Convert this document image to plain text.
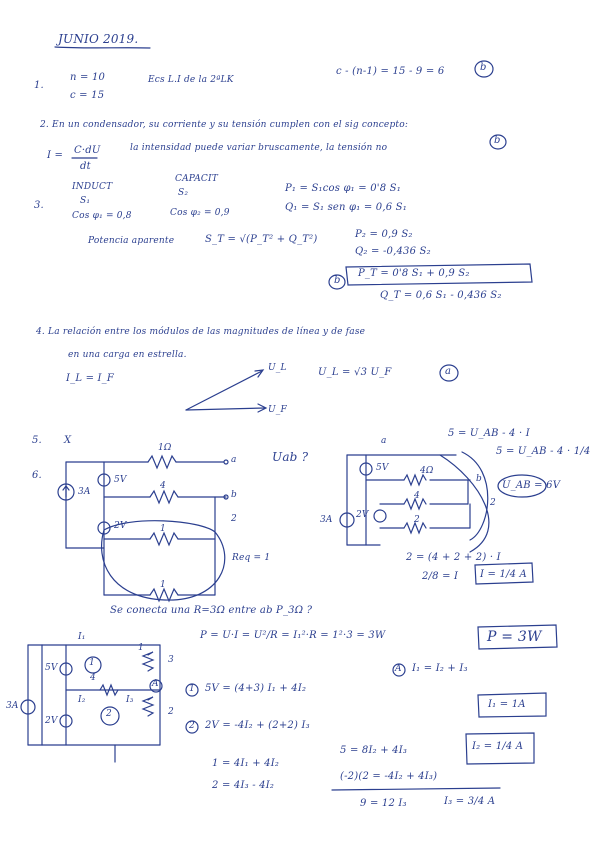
JUNIO 2019.
1.
n = 10
c = 15
Ecs L.I de la 2ªLK
c - (n-1) = 15 - 9 = 6	b
2. En un condensador, su corriente y su tensión cumplen con el sig concepto:
I = C·dU
dt
la intensidad puede variar bruscamente, la tensión no
b
3.
INDUCT
S₁
Cos φ₁ = 0,8
CAPACIT
S₂
Cos φ₂ = 0,9
P₁ = S₁cos φ₁ = 0'8 S₁
Q₁ = S₁ sen φ₁ = 0,6 S₁
Potencia aparente	S_T = √(P_T² + Q_T²)	P₂ = 0,9 S₂
Q₂ = -0,436 S₂
b
P_T = 0'8 S₁ + 0,9 S₂
Q_T = 0,6 S₁ - 0,436 S₂
4. La relación entre los módulos de las magnitudes de línea y de fase
en una carga en estrella.
I_L = I_F
U_L
U_F
U_L = √3 U_F	a
5. X
6.
1Ω
3A
5V
2V
4
1
1
a
b
2
Req = 1
Uab ?
a
4Ω
b
2
3A
5V
2V
4
2
5 = U_AB - 4 · I
5 = U_AB - 4 · 1/4
U_AB = 6V
2 = (4 + 2 + 2) · I
2/8 = I I = 1/4 A
Se conecta una R=3Ω entre ab P_3Ω ?
P = U·I = U²/R = I₁²·R = 1²·3 = 3W	P = 3W
3A
5V
2V
4
1
3
2
I₁
I₂	I₃
1
2
A
A I₁ = I₂ + I₃
1 5V = (4+3) I₁ + 4I₂
2 2V = -4I₂ + (2+2) I₃
I₁ = 1A
1 = 4I₁ + 4I₂
2 = 4I₃ - 4I₂
5 = 8I₂ + 4I₃
(-2)(2 = -4I₂ + 4I₃)
I₂ = 1/4 A
9 = 12 I₃	I₃ = 3/4 A
